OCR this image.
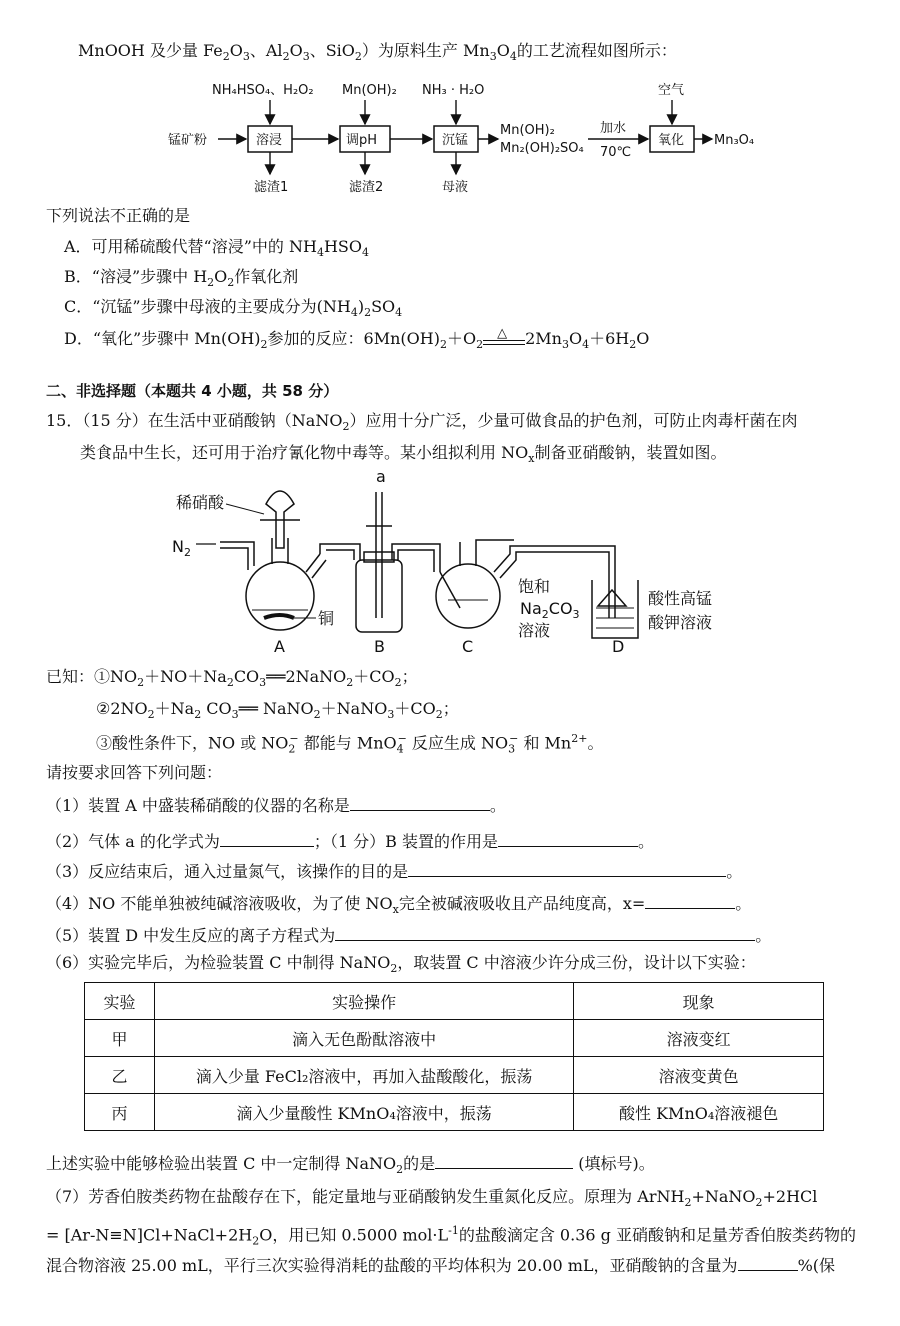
MnOOH 及少量 $Fe_2O_3$、$Al_2O_3$、SiO$_2$）为原料生产 $Mn_3O_4$的工艺流程如图所示：
NH₄HSO₄、H₂O₂ Mn(OH)₂ NH₃ · H₂O	空气
锰矿粉	溶浸
滤渣1
调pH
滤渣2
沉锰
母液
Mn(OH)₂
Mn₂(OH)₂SO₄
加水
70℃
氧化 Mn₃O₄
下列说法不正确的是
A．可用稀硫酸代替“溶浸”中的 $NH_4HSO_4$
B．“溶浸”步骤中 $H_2O_2$作氧化剂
C．“沉锰”步骤中母液的主要成分为$(NH_4)_2SO_4$
D．“氧化”步骤中 $Mn(OH)_2$参加的反应：$6Mn(OH)_2+O_2$
△ $2Mn_3O_4+6H_2O$
二、非选择题（本题共 4 小题，共 58 分）
15．（15 分）在生活中亚硝酸钠（NaNO$_2$）应用十分广泛，少量可做食品的护色剂，可防止肉毒杆菌在肉
类食品中生长，还可用于治疗氰化物中毒等。某小组拟利用 $NO_x$制备亚硝酸钠，装置如图。
稀硝酸
a
$N_2$
铜
饱和
$Na_2CO_3$
溶液
酸性高锰
酸钾溶液
A	B	C	D
已知：$①NO_2+NO+Na_2CO_3══2NaNO_2+CO_2$；
$②2NO_2+Na_2$ $CO_3══$ $NaNO_2+NaNO_3+CO_2$；
③酸性条件下，NO 或 $NO_2^-$ 都能与 MnO$_4$− 反应生成 $NO_3^-$ 和 $Mn^{2+}$。
请按要求回答下列问题：
（1）装置 A 中盛装稀硝酸的仪器的名称是	。
（2）气体 a 的化学式为	；（1 分）B 装置的作用是	。
（3）反应结束后，通入过量氮气，该操作的目的是	。
（4）NO 不能单独被纯碱溶液吸收，为了使 $NO_x$完全被碱液吸收且产品纯度高，x=	。
（5）装置 D 中发生反应的离子方程式为	。
（6）实验完毕后，为检验装置 C 中制得 NaNO$_2$，取装置 C 中溶液少许分成三份，设计以下实验：
实验	实验操作	现象
甲	滴入无色酚酞溶液中	溶液变红
乙	滴入少量 FeCl₂溶液中，再加入盐酸酸化，振荡	溶液变黄色
丙	滴入少量酸性 KMnO₄溶液中，振荡	酸性 KMnO₄溶液褪色
上述实验中能够检验出装置 C 中一定制得 NaNO$_2$的是	(填标号)。
（7）芳香伯胺类药物在盐酸存在下，能定量地与亚硝酸钠发生重氮化反应。原理为 ArNH$_2$+NaNO$_2$+2HCl
= $[Ar-N\equiv N]Cl+NaCl+2H_2O$，用已知 0.5000 $mol\cdot L^{-1}$的盐酸滴定含 0.36 g 亚硝酸钠和足量芳香伯胺类药物的
混合物溶液 25.00 mL，平行三次实验得消耗的盐酸的平均体积为 20.00 mL，亚硝酸钠的含量为	%(保
